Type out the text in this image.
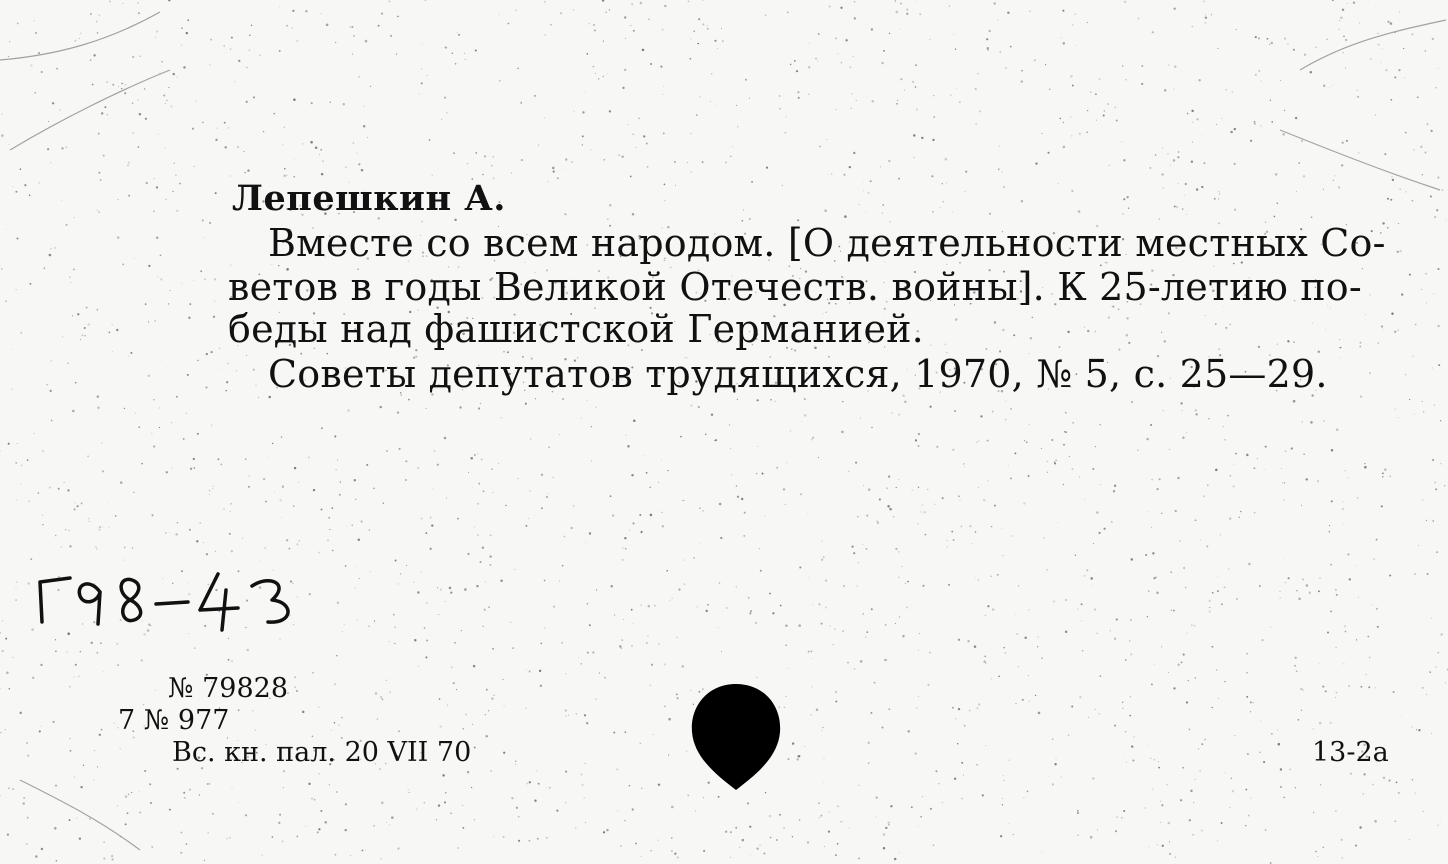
Лепешкин А.
Вместе со всем народом. [О деятельности местных Со-
ветов в годы Великой Отечеств. войны]. К 25-летию по-
беды над фашистской Германией.
Советы депутатов трудящихся, 1970, № 5, с. 25—29.
№ 79828
7 № 977
Вс. кн. пал. 20 VII 70	13-2а
